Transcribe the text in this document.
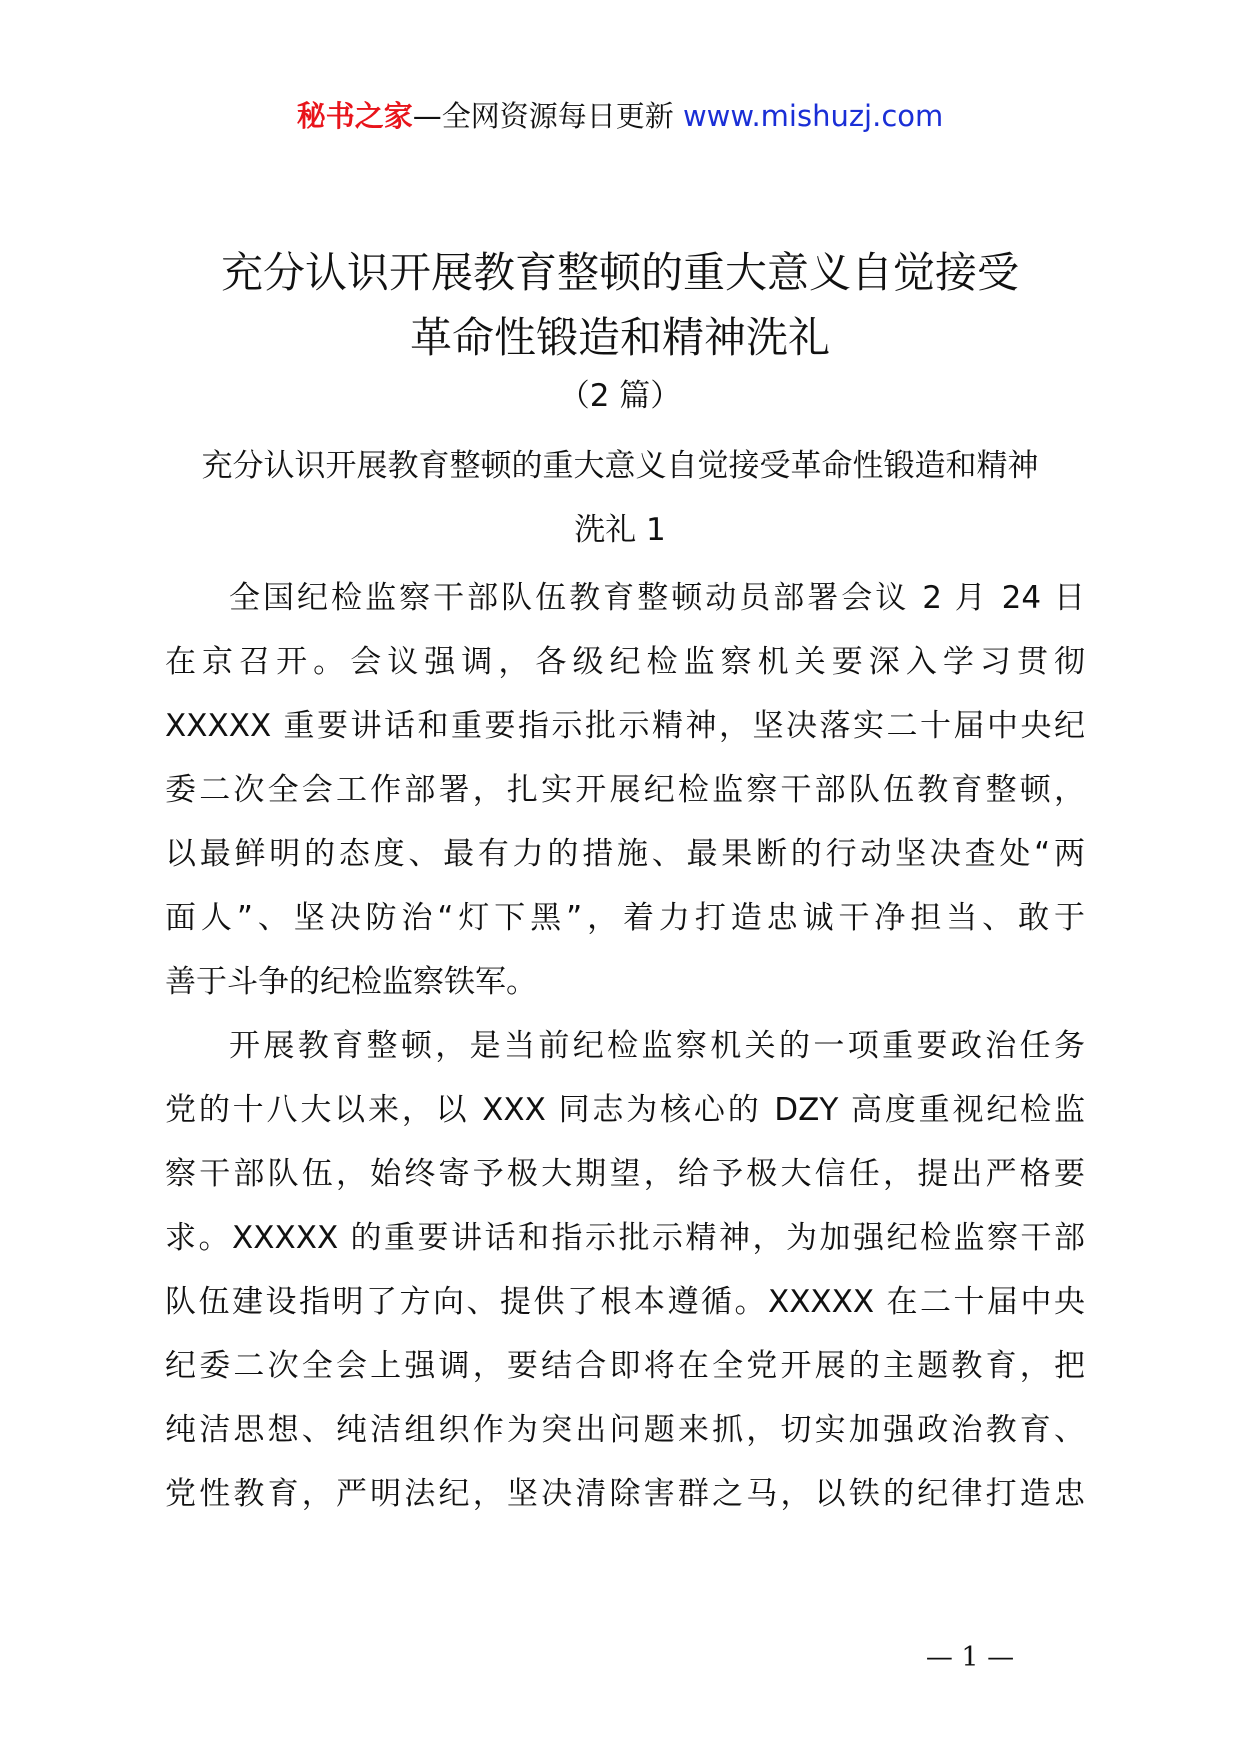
秘书之家—全网资源每日更新 www.mishuzj.com
充分认识开展教育整顿的重大意义自觉接受
革命性锻造和精神洗礼
（2 篇）
充分认识开展教育整顿的重大意义自觉接受革命性锻造和精神
洗礼 1
全国纪检监察干部队伍教育整顿动员部署会议 2 月 24 日
在京召开。会议强调，各级纪检监察机关要深入学习贯彻
XXXXX 重要讲话和重要指示批示精神，坚决落实二十届中央纪
委二次全会工作部署，扎实开展纪检监察干部队伍教育整顿，
以最鲜明的态度、最有力的措施、最果断的行动坚决查处“两
面人”、坚决防治“灯下黑”，着力打造忠诚干净担当、敢于
善于斗争的纪检监察铁军。
开展教育整顿，是当前纪检监察机关的一项重要政治任务
党的十八大以来，以 XXX 同志为核心的 DZY 高度重视纪检监
察干部队伍，始终寄予极大期望，给予极大信任，提出严格要
求。XXXXX 的重要讲话和指示批示精神，为加强纪检监察干部
队伍建设指明了方向、提供了根本遵循。XXXXX 在二十届中央
纪委二次全会上强调，要结合即将在全党开展的主题教育，把
纯洁思想、纯洁组织作为突出问题来抓，切实加强政治教育、
党性教育，严明法纪，坚决清除害群之马，以铁的纪律打造忠
— 1 —
